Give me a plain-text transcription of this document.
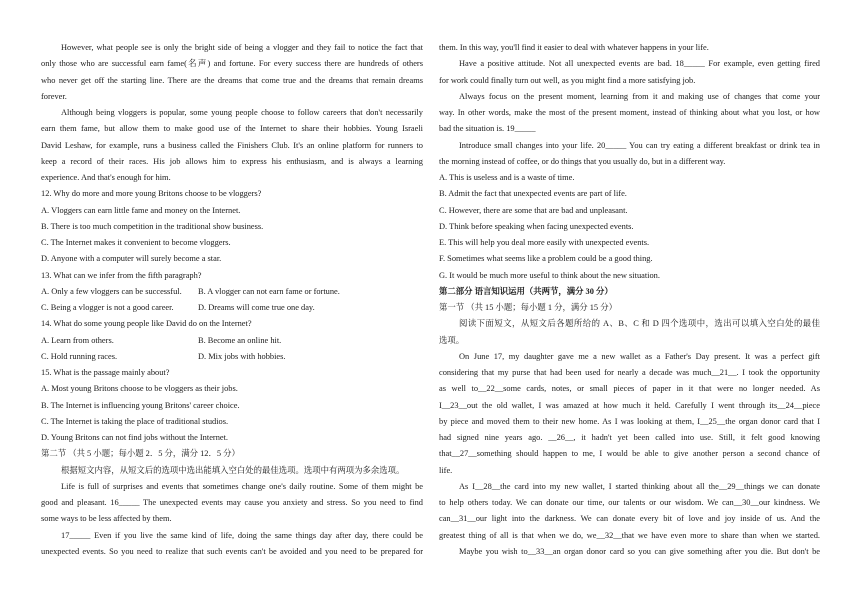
However, what people see is only the bright side of being a vlogger and they fail to notice the fact that
only those who are successful earn fame(名声) and fortune. For every success there are hundreds of others
who never get off the starting line. There are the dreams that come true and the dreams that remain dreams
forever.
Although being vloggers is popular, some young people choose to follow careers that don't necessarily
earn them fame, but allow them to make good use of the Internet to share their hobbies. Young Israeli
David Leshaw, for example, runs a business called the Finishers Club. It's an online platform for runners to
keep a record of their races. His job allows him to express his enthusiasm, and is always a learning
experience. And that's enough for him.
12. Why do more and more young Britons choose to be vloggers?
A. Vloggers can earn little fame and money on the Internet.
B. There is too much competition in the traditional show business.
C. The Internet makes it convenient to become vloggers.
D. Anyone with a computer will surely become a star.
13. What can we infer from the fifth paragraph?
A. Only a few vloggers can be successful.	B. A vlogger can not earn fame or fortune.
C. Being a vlogger is not a good career.	D. Dreams will come true one day.
14. What do some young people like David do on the Internet?
A. Learn from others.	B. Become an online hit.
C. Hold running races.	D. Mix jobs with hobbies.
15. What is the passage mainly about?
A. Most young Britons choose to be vloggers as their jobs.
B. The Internet is influencing young Britons' career choice.
C. The Internet is taking the place of traditional studios.
D. Young Britons can not find jobs without the Internet.
第二节 （共 5 小题；每小题 2．5 分，满分 12．5 分）
根据短文内容，从短文后的选项中选出能填入空白处的最佳选项。选项中有两项为多余选项。
Life is full of surprises and events that sometimes change one's daily routine. Some of them might be
good and pleasant. 16_____ The unexpected events may cause you anxiety and stress. So you need to find
some ways to be less affected by them.
17_____ Even if you live the same kind of life, doing the same things day after day, there could be
unexpected events. So you need to realize that such events can't be avoided and you need to be prepared for
them. In this way, you'll find it easier to deal with whatever happens in your life.
Have a positive attitude. Not all unexpected events are bad. 18_____ For example, even getting fired
for work could finally turn out well, as you might find a more satisfying job.
Always focus on the present moment, learning from it and making use of changes that come your
way. In other words, make the most of the present moment, instead of thinking about what you lost, or how
bad the situation is. 19_____
Introduce small changes into your life. 20_____ You can try eating a different breakfast or drink tea in
the morning instead of coffee, or do things that you usually do, but in a different way.
A. This is useless and is a waste of time.
B. Admit the fact that unexpected events are part of life.
C. However, there are some that are bad and unpleasant.
D. Think before speaking when facing unexpected events.
E. This will help you deal more easily with unexpected events.
F. Sometimes what seems like a problem could be a good thing.
G. It would be much more useful to think about the new situation.
第二部分 语言知识运用（共两节，满分 30 分）
第一节 （共 15 小题；每小题 1 分，满分 15 分）
阅读下面短文，从短文后各题所给的 A、B、C 和 D 四个选项中，选出可以填入空白处的最佳
选项。
On June 17, my daughter gave me a new wallet as a Father's Day present. It was a perfect gift
considering that my purse that had been used for nearly a decade was much__21__. I took the opportunity
as well to__22__some cards, notes, or small pieces of paper in it that were no longer needed. As
I__23__out the old wallet, I was amazed at how much it held. Carefully I went through its__24__piece
by piece and moved them to their new home. As I was looking at them, I__25__the organ donor card that I
had signed nine years ago. __26__, it hadn't yet been called into use. Still, it felt good knowing
that__27__something should happen to me, I would be able to give another person a second chance of
life.
As I__28__the card into my new wallet, I started thinking about all the__29__things we can donate
to help others today. We can donate our time, our talents or our wisdom. We can__30__our kindness. We
can__31__our light into the darkness. We can donate every bit of love and joy inside of us. And the
greatest thing of all is that when we do, we__32__that we have even more to share than when we started.
Maybe you wish to__33__an organ donor card so you can give something after you die. But don't be
